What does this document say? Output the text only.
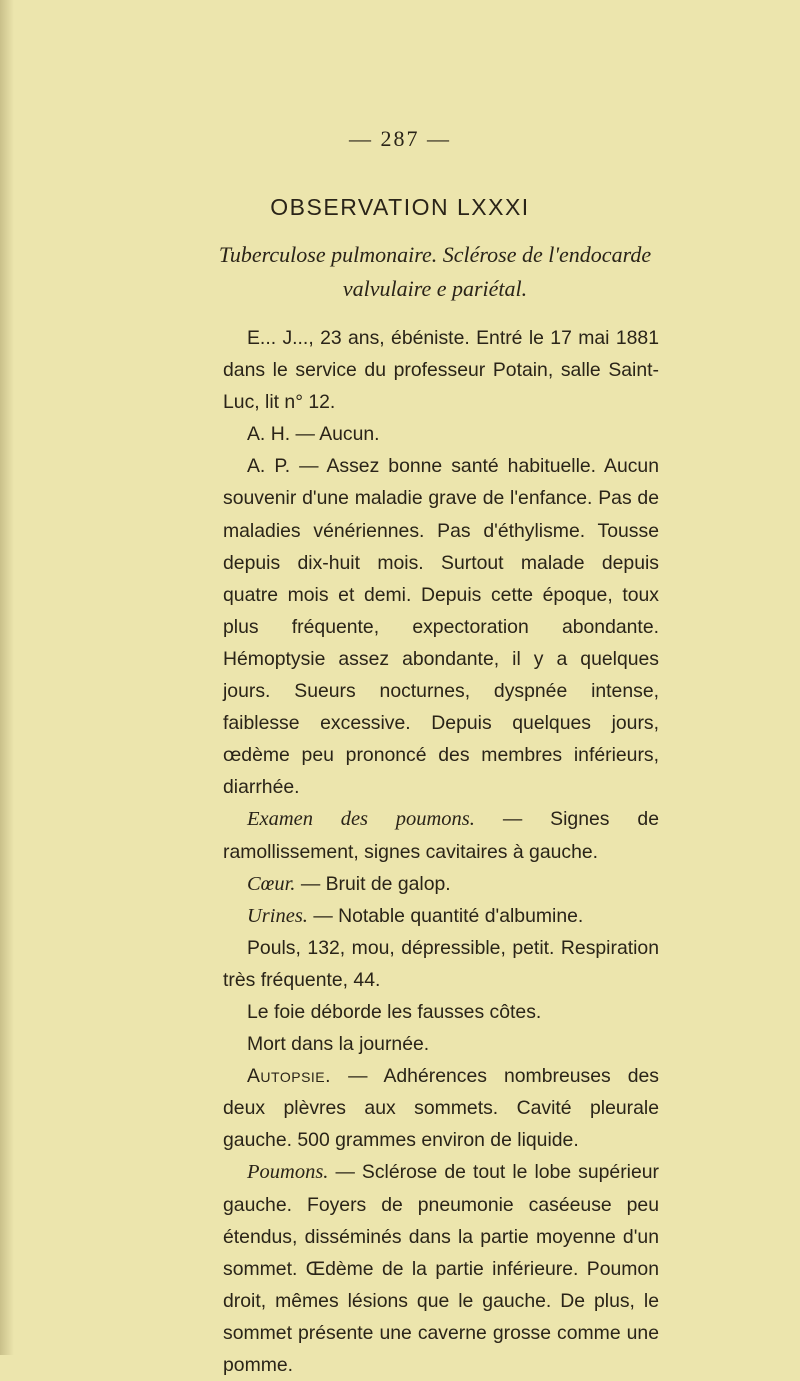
— 287 —
OBSERVATION LXXXI
Tuberculose pulmonaire. Sclérose de l'endocarde valvulaire e pariétal.

E... J..., 23 ans, ébéniste. Entré le 17 mai 1881 dans le service du professeur Potain, salle Saint-Luc, lit n° 12.

A. H. — Aucun.

A. P. — Assez bonne santé habituelle. Aucun souvenir d'une maladie grave de l'enfance. Pas de maladies vénériennes. Pas d'éthylisme. Tousse depuis dix-huit mois. Surtout malade depuis quatre mois et demi. Depuis cette époque, toux plus fréquente, expectoration abondante. Hémoptysie assez abondante, il y a quelques jours. Sueurs nocturnes, dyspnée intense, faiblesse excessive. Depuis quelques jours, œdème peu prononcé des membres inférieurs, diarrhée.

Examen des poumons. — Signes de ramollissement, signes cavitaires à gauche.

Cœur. — Bruit de galop.

Urines. — Notable quantité d'albumine.

Pouls, 132, mou, dépressible, petit. Respiration très fréquente, 44.

Le foie déborde les fausses côtes.

Mort dans la journée.

Autopsie. — Adhérences nombreuses des deux plèvres aux sommets. Cavité pleurale gauche. 500 grammes environ de liquide.

Poumons. — Sclérose de tout le lobe supérieur gauche. Foyers de pneumonie caséeuse peu étendus, disséminés dans la partie moyenne d'un sommet. Œdème de la partie inférieure. Poumon droit, mêmes lésions que le gauche. De plus, le sommet présente une caverne grosse comme une pomme.
